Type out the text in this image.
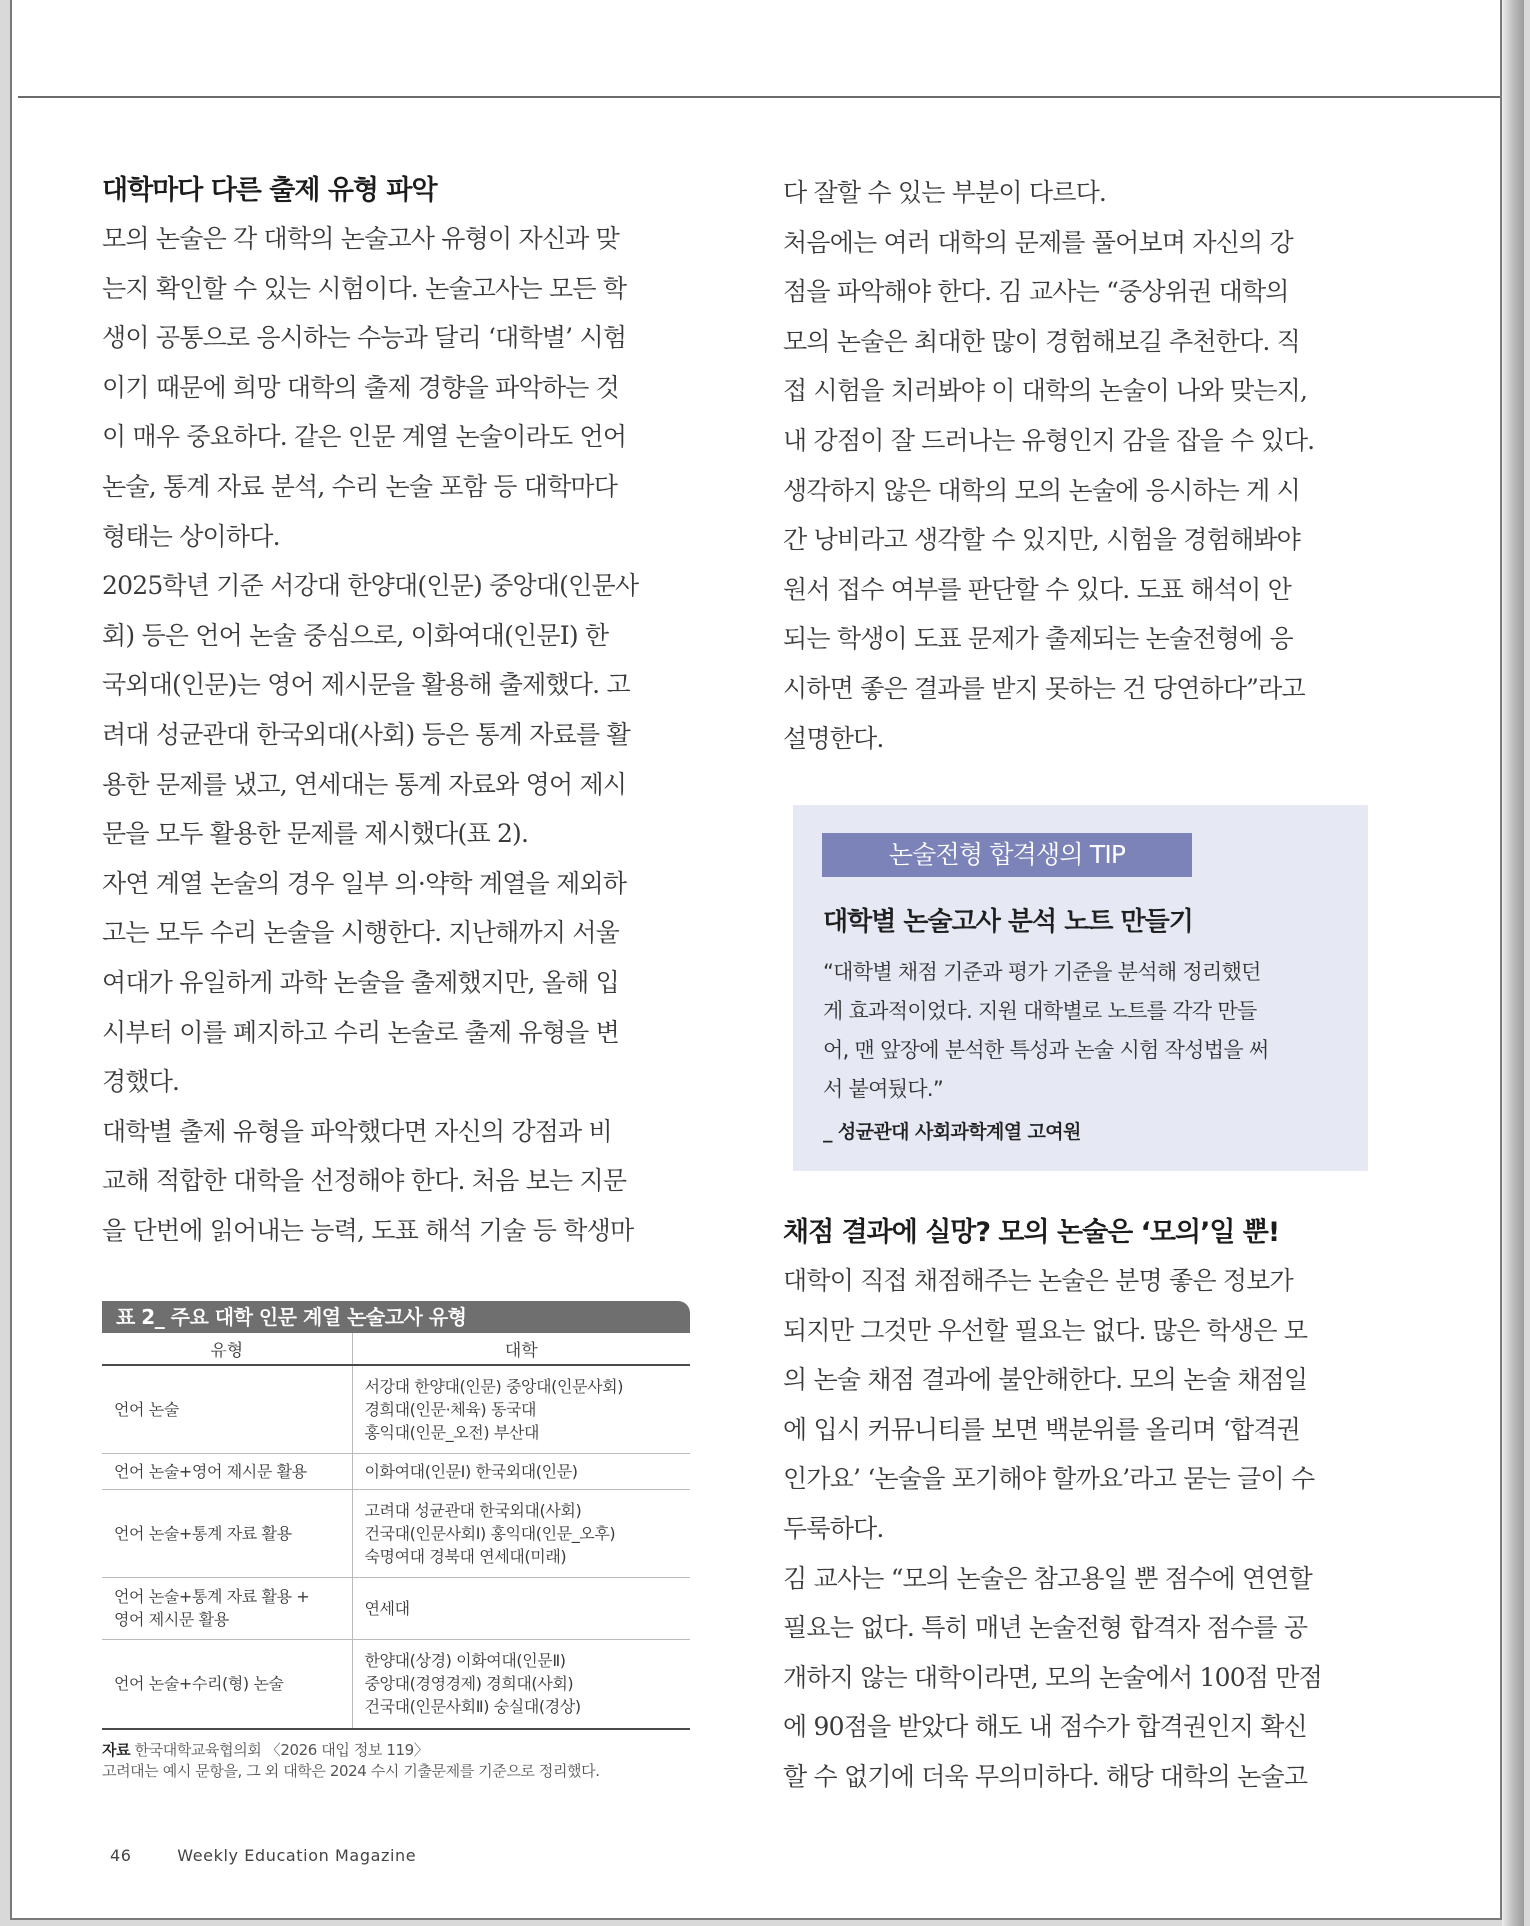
대학마다 다른 출제 유형 파악

모의 논술은 각 대학의 논술고사 유형이 자신과 맞
는지 확인할 수 있는 시험이다. 논술고사는 모든 학
생이 공통으로 응시하는 수능과 달리 ‘대학별’ 시험
이기 때문에 희망 대학의 출제 경향을 파악하는 것
이 매우 중요하다. 같은 인문 계열 논술이라도 언어
논술, 통계 자료 분석, 수리 논술 포함 등 대학마다
형태는 상이하다.

2025학년 기준 서강대 한양대(인문) 중앙대(인문사
회) 등은 언어 논술 중심으로, 이화여대(인문Ⅰ) 한
국외대(인문)는 영어 제시문을 활용해 출제했다. 고
려대 성균관대 한국외대(사회) 등은 통계 자료를 활
용한 문제를 냈고, 연세대는 통계 자료와 영어 제시
문을 모두 활용한 문제를 제시했다(표 2).

자연 계열 논술의 경우 일부 의·약학 계열을 제외하
고는 모두 수리 논술을 시행한다. 지난해까지 서울
여대가 유일하게 과학 논술을 출제했지만, 올해 입
시부터 이를 폐지하고 수리 논술로 출제 유형을 변
경했다.

대학별 출제 유형을 파악했다면 자신의 강점과 비
교해 적합한 대학을 선정해야 한다. 처음 보는 지문
을 단번에 읽어내는 능력, 도표 해석 기술 등 학생마

표 2_ 주요 대학 인문 계열 논술고사 유형
유형	대학

언어 논술	서강대 한양대(인문) 중앙대(인문사회)
경희대(인문·체육) 동국대
홍익대(인문_오전) 부산대

언어 논술+영어 제시문 활용	이화여대(인문Ⅰ) 한국외대(인문)

언어 논술+통계 자료 활용	고려대 성균관대 한국외대(사회)
건국대(인문사회Ⅰ) 홍익대(인문_오후)
숙명여대 경북대 연세대(미래)

언어 논술+통계 자료 활용 +
영어 제시문 활용	연세대

언어 논술+수리(형) 논술	한양대(상경) 이화여대(인문Ⅱ)
중앙대(경영경제) 경희대(사회)
건국대(인문사회Ⅱ) 숭실대(경상)
자료 한국대학교육협의회 〈2026 대입 정보 119〉
고려대는 예시 문항을, 그 외 대학은 2024 수시 기출문제를 기준으로 정리했다.

다 잘할 수 있는 부분이 다르다.

처음에는 여러 대학의 문제를 풀어보며 자신의 강
점을 파악해야 한다. 김 교사는 “중상위권 대학의
모의 논술은 최대한 많이 경험해보길 추천한다. 직
접 시험을 치러봐야 이 대학의 논술이 나와 맞는지,
내 강점이 잘 드러나는 유형인지 감을 잡을 수 있다.
생각하지 않은 대학의 모의 논술에 응시하는 게 시
간 낭비라고 생각할 수 있지만, 시험을 경험해봐야
원서 접수 여부를 판단할 수 있다. 도표 해석이 안
되는 학생이 도표 문제가 출제되는 논술전형에 응
시하면 좋은 결과를 받지 못하는 건 당연하다”라고
설명한다.

논술전형 합격생의 TIP
대학별 논술고사 분석 노트 만들기
“대학별 채점 기준과 평가 기준을 분석해 정리했던
게 효과적이었다. 지원 대학별로 노트를 각각 만들
어, 맨 앞장에 분석한 특성과 논술 시험 작성법을 써
서 붙여뒀다.”
_ 성균관대 사회과학계열 고여원
채점 결과에 실망? 모의 논술은 ‘모의’일 뿐!

대학이 직접 채점해주는 논술은 분명 좋은 정보가
되지만 그것만 우선할 필요는 없다. 많은 학생은 모
의 논술 채점 결과에 불안해한다. 모의 논술 채점일
에 입시 커뮤니티를 보면 백분위를 올리며 ‘합격권
인가요’ ‘논술을 포기해야 할까요’라고 묻는 글이 수
두룩하다.

김 교사는 “모의 논술은 참고용일 뿐 점수에 연연할
필요는 없다. 특히 매년 논술전형 합격자 점수를 공
개하지 않는 대학이라면, 모의 논술에서 100점 만점
에 90점을 받았다 해도 내 점수가 합격권인지 확신
할 수 없기에 더욱 무의미하다. 해당 대학의 논술고

46	Weekly Education Magazine
